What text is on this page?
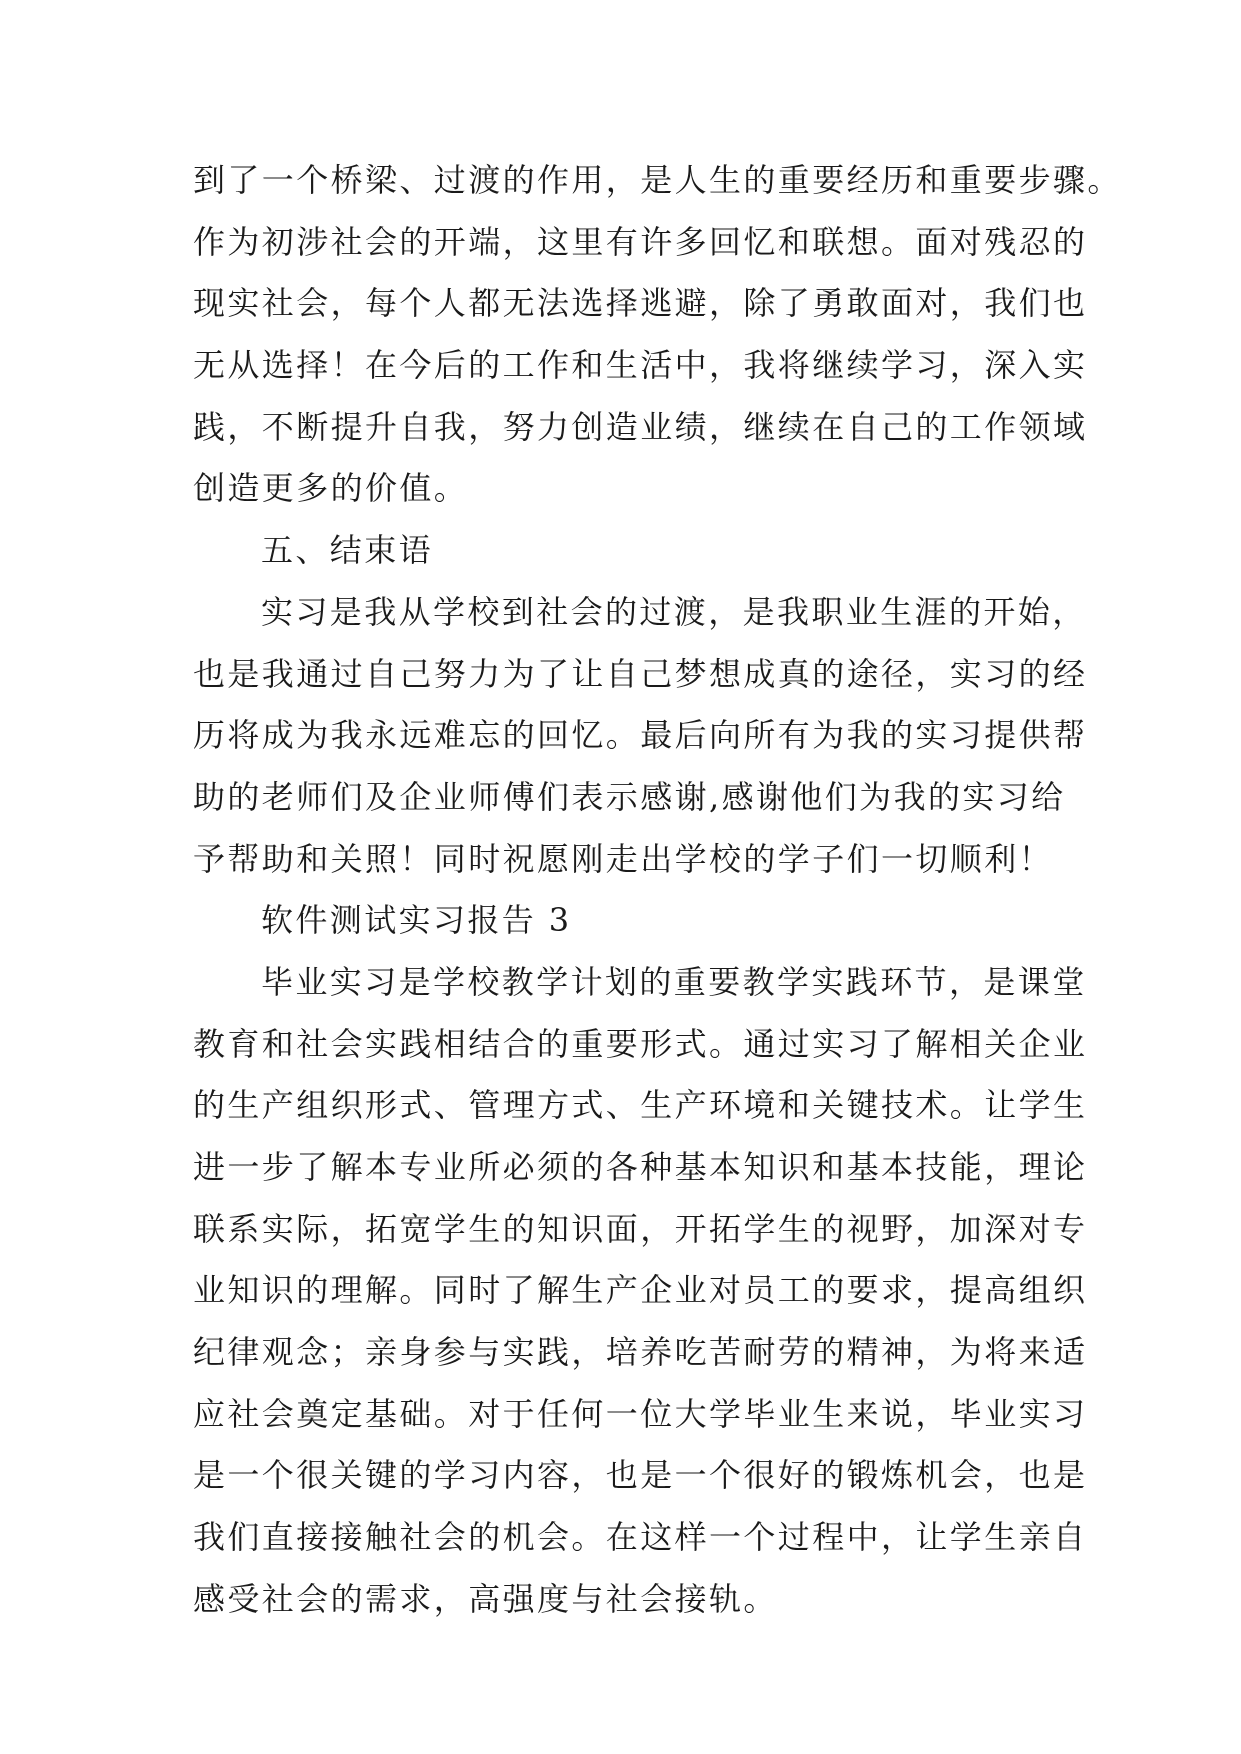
到了一个桥梁、过渡的作用，是人生的重要经历和重要步骤。
作为初涉社会的开端，这里有许多回忆和联想。面对残忍的
现实社会，每个人都无法选择逃避，除了勇敢面对，我们也
无从选择！在今后的工作和生活中，我将继续学习，深入实
践，不断提升自我，努力创造业绩，继续在自己的工作领域
创造更多的价值。
五、结束语
实习是我从学校到社会的过渡，是我职业生涯的开始，
也是我通过自己努力为了让自己梦想成真的途径，实习的经
历将成为我永远难忘的回忆。最后向所有为我的实习提供帮
助的老师们及企业师傅们表示感谢,感谢他们为我的实习给
予帮助和关照！同时祝愿刚走出学校的学子们一切顺利！
软件测试实习报告 3
毕业实习是学校教学计划的重要教学实践环节，是课堂
教育和社会实践相结合的重要形式。通过实习了解相关企业
的生产组织形式、管理方式、生产环境和关键技术。让学生
进一步了解本专业所必须的各种基本知识和基本技能，理论
联系实际，拓宽学生的知识面，开拓学生的视野，加深对专
业知识的理解。同时了解生产企业对员工的要求，提高组织
纪律观念；亲身参与实践，培养吃苦耐劳的精神，为将来适
应社会奠定基础。对于任何一位大学毕业生来说，毕业实习
是一个很关键的学习内容，也是一个很好的锻炼机会，也是
我们直接接触社会的机会。在这样一个过程中，让学生亲自
感受社会的需求，高强度与社会接轨。
